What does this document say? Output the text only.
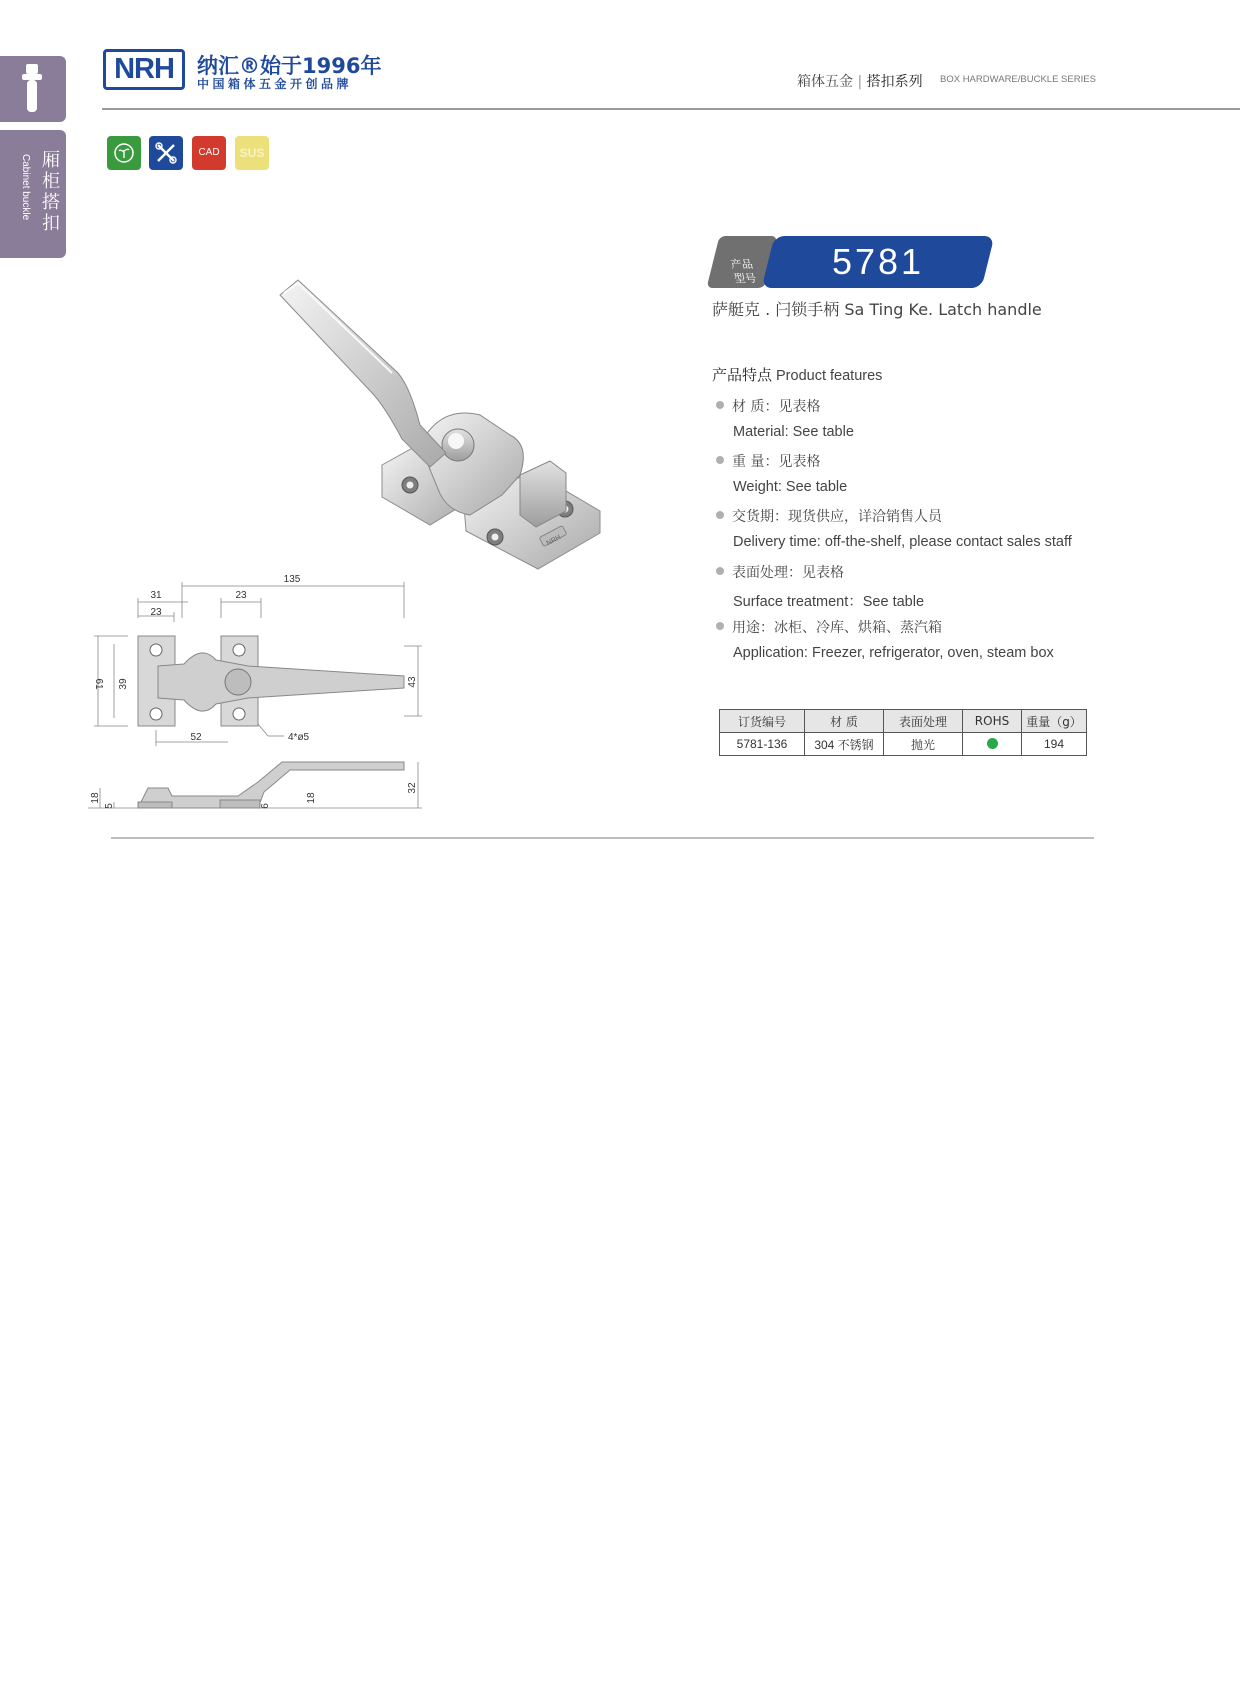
厢柜搭扣
Cabinet buckle
NRH	纳汇®始于1996年
中国箱体五金开创品牌	箱体五金 | 搭扣系列 BOX HARDWARE/BUCKLE SERIES
CAD	SUS
NRH
135
31	23
23
52	4*ø5
39
61	43
18
5	6
18
32
产品
型号	5781
萨艇克 . 闩锁手柄 Sa Ting Ke. Latch handle
产品特点 Product features
材 质：见表格
Material: See table
重 量：见表格
Weight: See table
交货期：现货供应，详洽销售人员
Delivery time: off-the-shelf, please contact sales staff
表面处理：见表格
Surface treatment：See table
用途：冰柜、冷库、烘箱、蒸汽箱
Application: Freezer, refrigerator, oven, steam box
订货编号	材 质	表面处理	ROHS	重量（g）
5781-136	304 不锈钢	抛光		194
